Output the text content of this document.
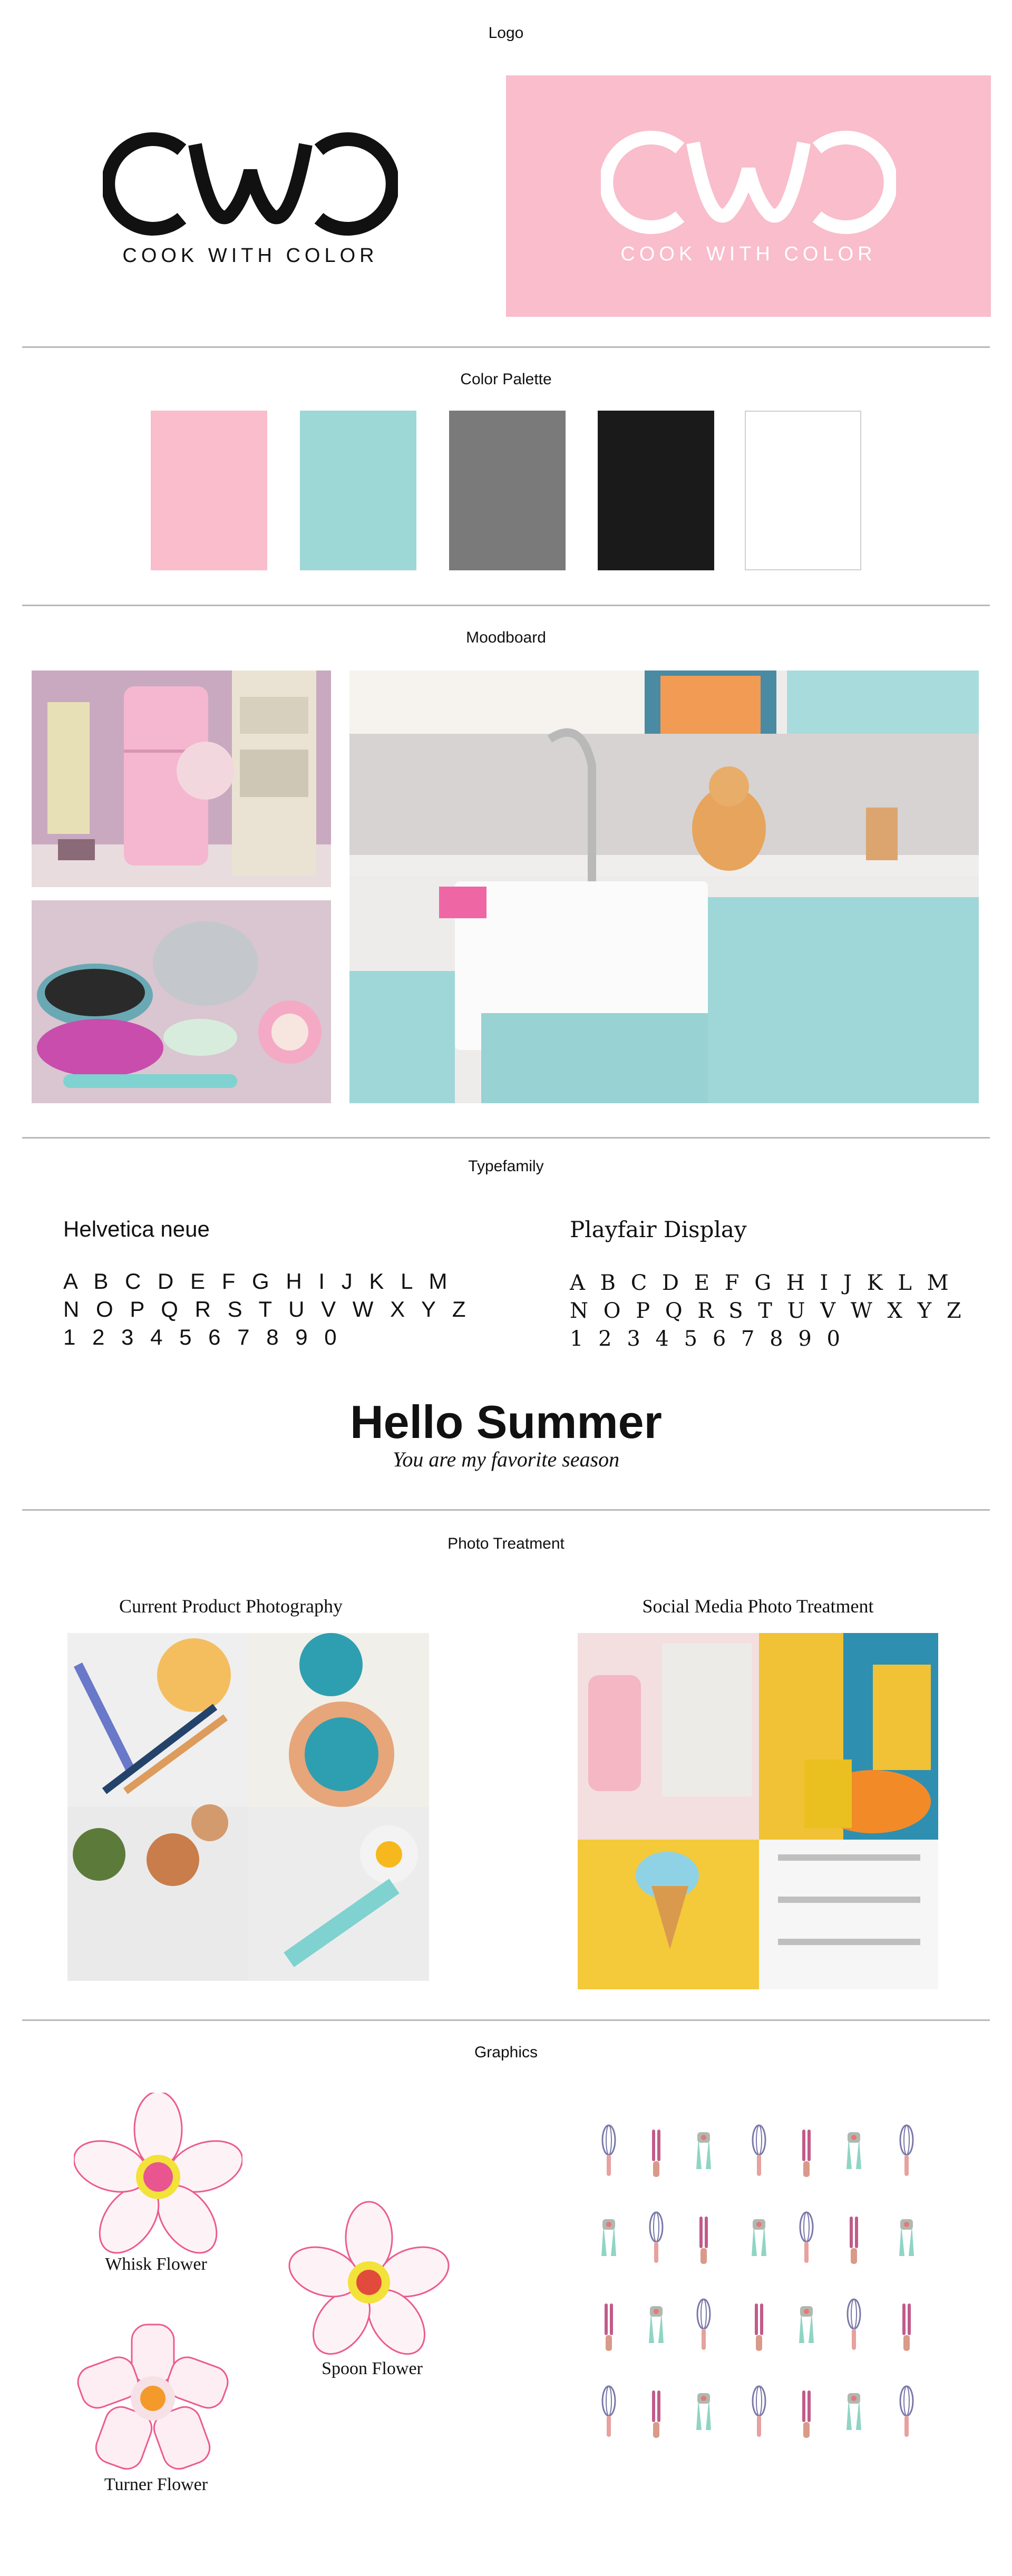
Logo
COOK WITH COLOR	COOK WITH COLOR
Color Palette
Moodboard
Typefamily
Helvetica neue
A B C D E F G H I J K L M
N O P Q R S T U V W X Y Z
1 2 3 4 5 6 7 8 9 0
Playfair Display
A B C D E F G H I J K L M
N O P Q R S T U V W X Y Z
1 2 3 4 5 6 7 8 9 0
Hello Summer
You are my favorite season
Photo Treatment
Current Product Photography	Social Media Photo Treatment
Graphics
Whisk Flower
Spoon Flower
Turner Flower
